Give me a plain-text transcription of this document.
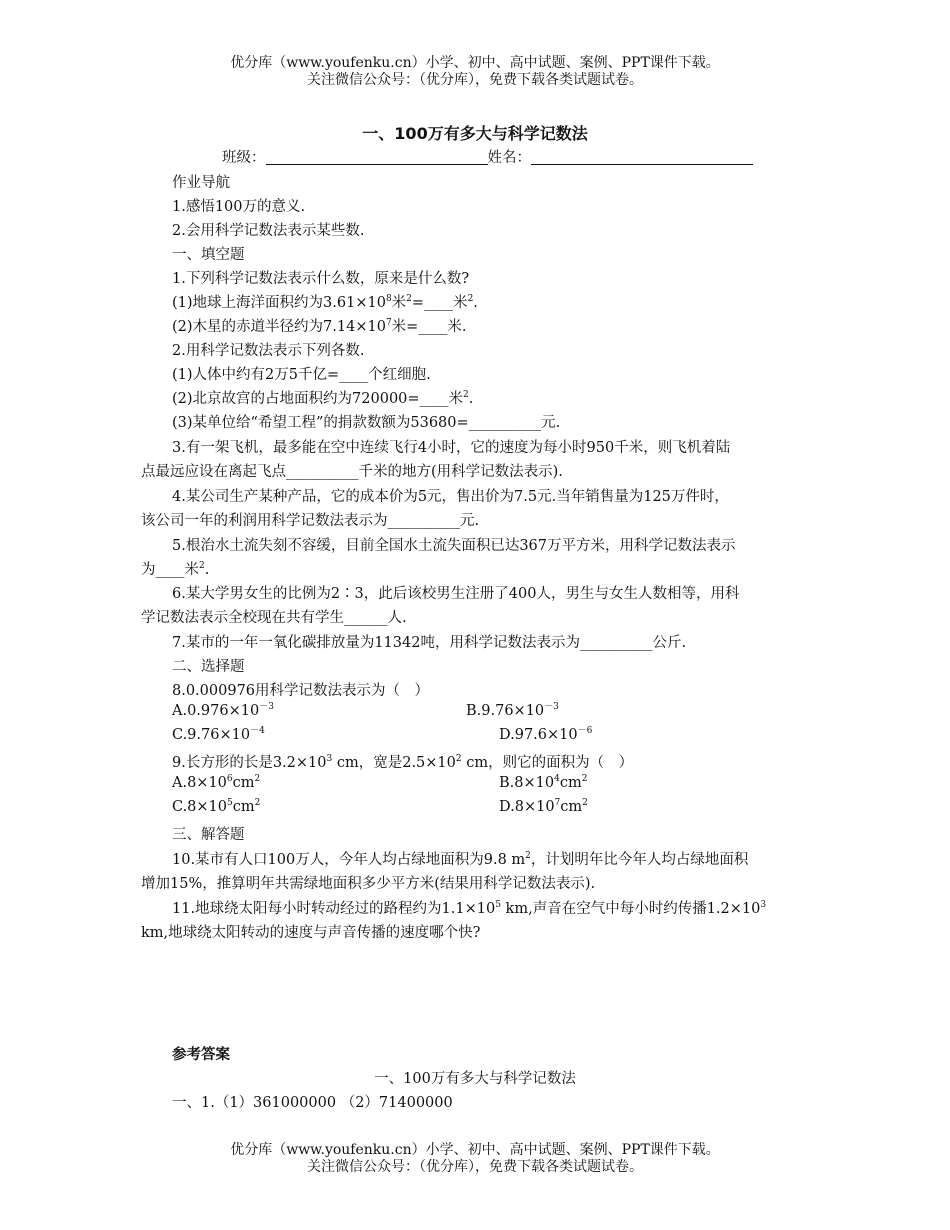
优分库（www.youfenku.cn）小学、初中、高中试题、案例、PPT课件下载。
关注微信公众号：（优分库），免费下载各类试题试卷。
一、100万有多大与科学记数法
班级：	姓名：
作业导航
1.感悟100万的意义.
2.会用科学记数法表示某些数.
一、填空题
1.下列科学记数法表示什么数，原来是什么数?
(1)地球上海洋面积约为$3.61\times 10^8$米$^2$=____米$^2$.
(2)木星的赤道半径约为$7.14\times 10^7$米=____米.
2.用科学记数法表示下列各数.
(1)人体中约有2万5千亿=____个红细胞.
(2)北京故宫的占地面积约为720000=____米$^2$.
(3)某单位给“希望工程”的捐款数额为53680=__________元.
3.有一架飞机，最多能在空中连续飞行4小时，它的速度为每小时950千米，则飞机着陆
点最远应设在离起飞点__________千米的地方(用科学记数法表示).
4.某公司生产某种产品，它的成本价为5元，售出价为7.5元.当年销售量为125万件时，
该公司一年的利润用科学记数法表示为__________元.
5.根治水土流失刻不容缓，目前全国水土流失面积已达367万平方米，用科学记数法表示
为____米$^2$.
6.某大学男女生的比例为2∶3，此后该校男生注册了400人，男生与女生人数相等，用科
学记数法表示全校现在共有学生______人.
7.某市的一年一氧化碳排放量为11342吨，用科学记数法表示为__________公斤.
二、选择题
8.0.000976用科学记数法表示为（　）
$A.0.976\times 10^{-3}$	$B.9.76\times 10^{-3}$
$C.9.76\times 10^{-4}$	$D.97.6\times 10^{-6}$
9.长方形的长是$3.2\times 10^3$ cm，宽是$2.5\times 10^2$ cm，则它的面积为（　）
$A.8\times 10^6cm^2$	$B.8\times 10^4cm^2$
$C.8\times 10^5cm^2$	$D.8\times 10^7cm^2$
三、解答题
10.某市有人口100万人，今年人均占绿地面积为9.8 $m^2$，计划明年比今年人均占绿地面积
增加15%，推算明年共需绿地面积多少平方米(结果用科学记数法表示).
11.地球绕太阳每小时转动经过的路程约为$1.1\times 10^5$ km,声音在空气中每小时约传播$1.2\times 10^3$
km,地球绕太阳转动的速度与声音传播的速度哪个快?
参考答案
一、100万有多大与科学记数法
一、1.（1）361000000 （2）71400000
优分库（www.youfenku.cn）小学、初中、高中试题、案例、PPT课件下载。
关注微信公众号：（优分库），免费下载各类试题试卷。
